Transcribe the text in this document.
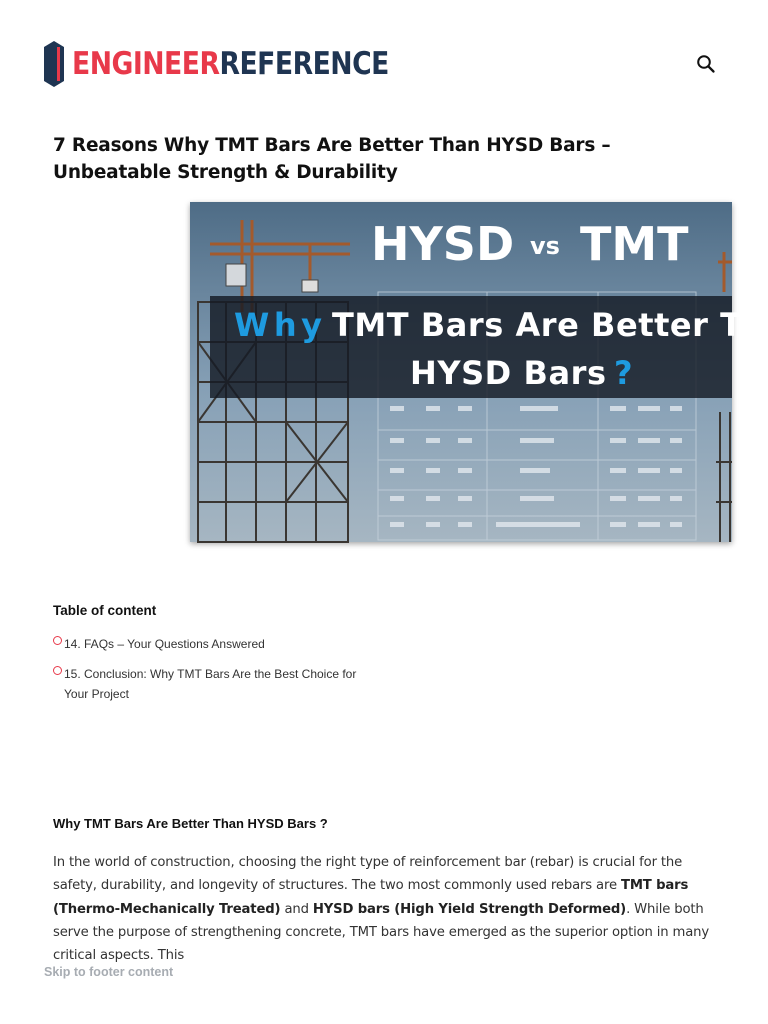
ENGINEERREFERENCE
7 Reasons Why TMT Bars Are Better Than HYSD Bars – Unbeatable Strength & Durability
HYSD vs TMT
Why TMT Bars Are Better T
HYSD Bars ?
Table of content
14. FAQs – Your Questions Answered
15. Conclusion: Why TMT Bars Are the Best Choice for Your Project
Why TMT Bars Are Better Than HYSD Bars ?

In the world of construction, choosing the right type of reinforcement bar (rebar) is crucial for the safety, durability, and longevity of structures. The two most commonly used rebars are TMT bars (Thermo-Mechanically Treated) and HYSD bars (High Yield Strength Deformed). While both serve the purpose of strengthening concrete, TMT bars have emerged as the superior option in many critical aspects. This

Skip to footer content
